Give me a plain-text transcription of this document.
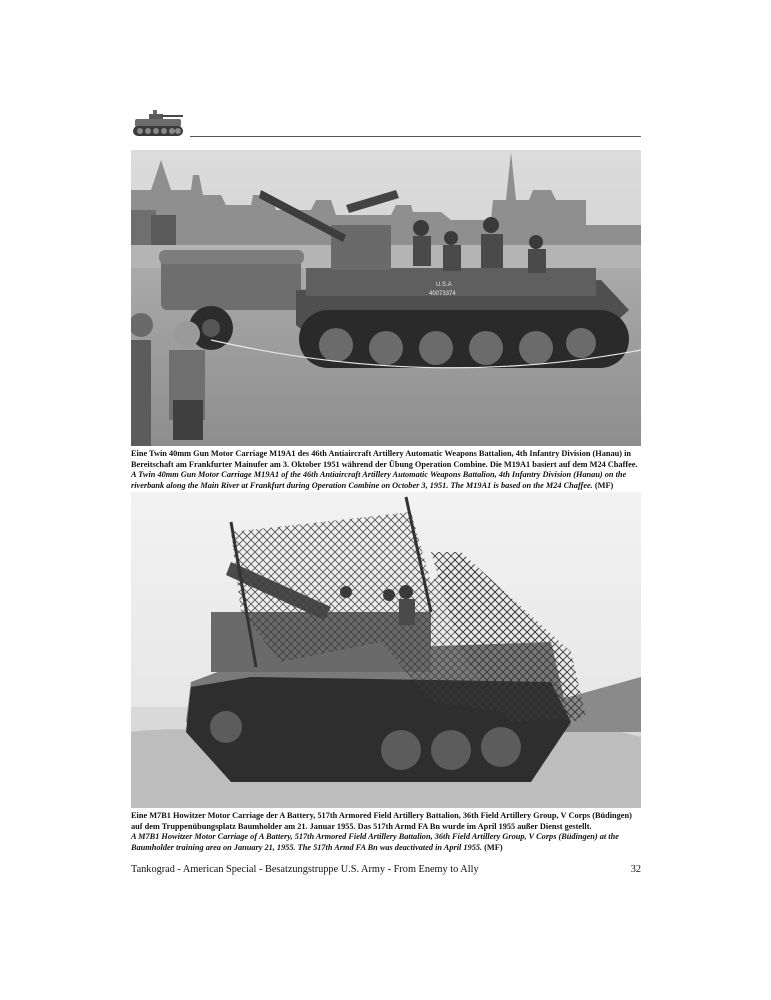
U.S.A
40073374

Eine Twin 40mm Gun Motor Carriage M19A1 des 46th Antiaircraft Artillery Automatic Weapons Battalion, 4th Infantry Division (Hanau) in Bereitschaft am Frankfurter Mainufer am 3. Oktober 1951 während der Übung Operation Combine. Die M19A1 basiert auf dem M24 Chaffee.

A Twin 40mm Gun Motor Carriage M19A1 of the 46th Antiaircraft Artillery Automatic Weapons Battalion, 4th Infantry Division (Hanau) on the riverbank along the Main River at Frankfurt during Operation Combine on October 3, 1951. The M19A1 is based on the M24 Chaffee. (MF)

Eine M7B1 Howitzer Motor Carriage der A Battery, 517th Armored Field Artillery Battalion, 36th Field Artillery Group, V Corps (Büdingen) auf dem Truppenübungsplatz Baumholder am 21. Januar 1955. Das 517th Armd FA Bn wurde im April 1955 außer Dienst gestellt.

A M7B1 Howitzer Motor Carriage of A Battery, 517th Armored Field Artillery Battalion, 36th Field Artillery Group, V Corps (Büdingen) at the Baumholder training area on January 21, 1955. The 517th Armd FA Bn was deactivated in April 1955. (MF)

Tankograd - American Special - Besatzungstruppe U.S. Army - From Enemy to Ally	32
